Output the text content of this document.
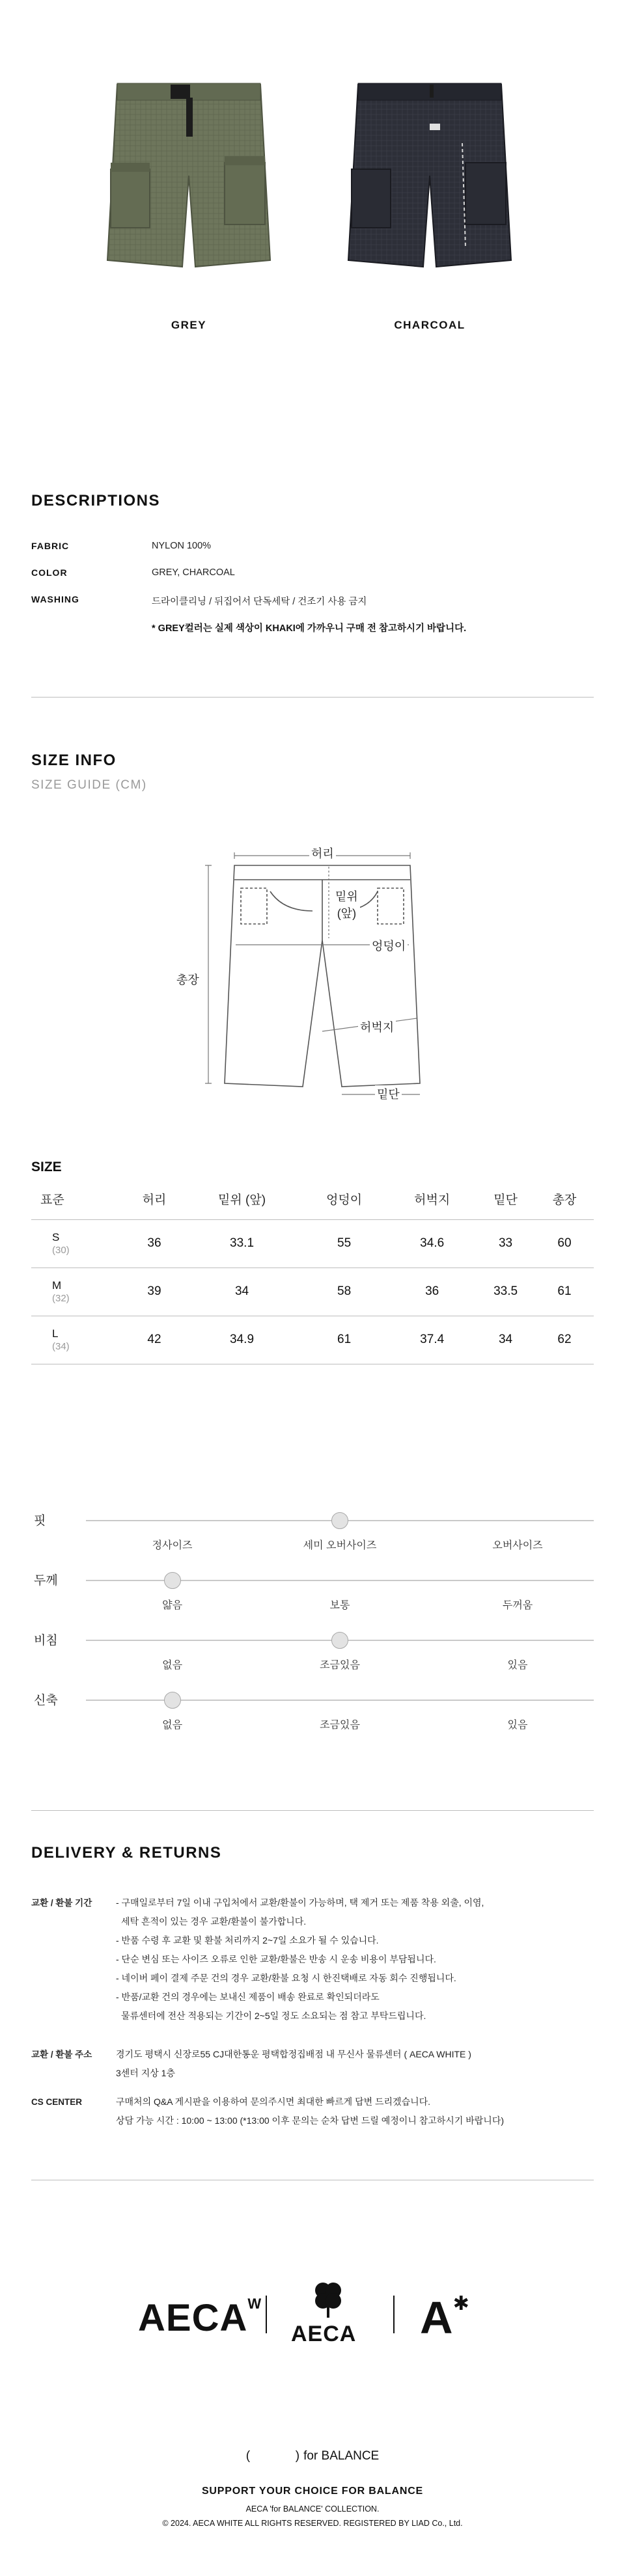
GREY	CHARCOAL
DESCRIPTIONS
FABRIC	NYLON 100%
COLOR	GREY, CHARCOAL
WASHING	드라이클리닝 / 뒤집어서 단독세탁 / 건조기 사용 금지
* GREY컬러는 실제 색상이 KHAKI에 가까우니 구매 전 참고하시기 바랍니다.
SIZE INFO
SIZE GUIDE (CM)
허리
밑위
(앞)
엉덩이
총장
허벅지
밑단
SIZE
표준	허리	밑위 (앞)	엉덩이	허벅지	밑단	총장
S
(30)	36	33.1	55	34.6	33	60
M
(32)	39	34	58	36	33.5	61
L
(34)	42	34.9	61	37.4	34	62
핏
정사이즈	세미 오버사이즈	오버사이즈
두께
얇음	보통	두꺼움
비침
없음	조금있음	있음
신축
없음	조금있음	있음
DELIVERY & RETURNS
교환 / 환불 기간	- 구매일로부터 7일 이내 구입처에서 교환/환불이 가능하며, 택 제거 또는 제품 착용 외출, 이염,

세탁 흔적이 있는 경우 교환/환불이 불가합니다.

- 반품 수령 후 교환 및 환불 처리까지 2~7일 소요가 될 수 있습니다.

- 단순 변심 또는 사이즈 오류로 인한 교환/환불은 반송 시 운송 비용이 부담됩니다.

- 네이버 페이 결제 주문 건의 경우 교환/환불 요청 시 한진택배로 자동 회수 진행됩니다.

- 반품/교환 건의 경우에는 보내신 제품이 배송 완료로 확인되더라도

물류센터에 전산 적용되는 기간이 2~5일 정도 소요되는 점 참고 부탁드립니다.

교환 / 환불 주소	경기도 평택시 신장로55 CJ대한통운 평택합정집배점 내 무신사 물류센터 ( AECA WHITE )

3센터 지상 1층

CS CENTER	구매처의 Q&A 게시판을 이용하여 문의주시면 최대한 빠르게 답변 드리겠습니다.

상담 가능 시간 : 10:00 ~ 13:00 (*13:00 이후 문의는 순차 답변 드릴 예정이니 참고하시기 바랍니다)

$AECA^W$
AECA A✱
(	) for BALANCE
SUPPORT YOUR CHOICE FOR BALANCE
AECA 'for BALANCE' COLLECTION.
© 2024. AECA WHITE ALL RIGHTS RESERVED. REGISTERED BY LIAD Co., Ltd.
